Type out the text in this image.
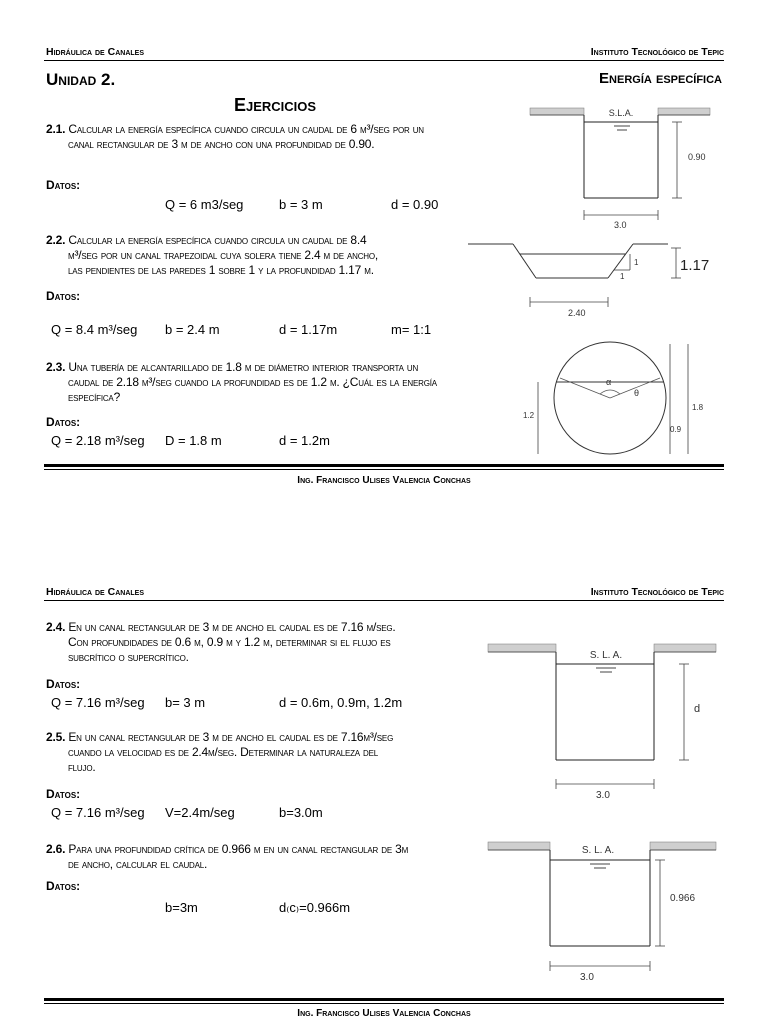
Hidráulica de Canales	Instituto Tecnológico de Tepic
Unidad 2.	Energía específica
Ejercicios
2.1. Calcular la energía específica cuando circula un caudal de 6 m³/seg por un
canal rectangular de 3 m de ancho con una profundidad de 0.90.
Datos:
Q = 6 m3/seg	b = 3 m	d = 0.90
S.L.A.
0.90
3.0
2.2. Calcular la energía específica cuando circula un caudal de 8.4
m³/seg por un canal trapezoidal cuya solera tiene 2.4 m de ancho,
las pendientes de las paredes 1 sobre 1 y la profundidad 1.17 m.
Datos:
Q = 8.4 m³/seg b = 2.4 m	d = 1.17m	m= 1:1
1
1
1.17
2.40
2.3. Una tubería de alcantarillado de 1.8 m de diámetro interior transporta un
caudal de 2.18 m³/seg cuando la profundidad es de 1.2 m. ¿Cuál es la energía
específica?
Datos:
Q = 2.18 m³/seg D = 1.8 m	d = 1.2m
α
θ
1.2
1.8
0.9
Ing. Francisco Ulises Valencia Conchas
Hidráulica de Canales	Instituto Tecnológico de Tepic
2.4. En un canal rectangular de 3 m de ancho el caudal es de 7.16 m/seg.
Con profundidades de 0.6 m, 0.9 m y 1.2 m, determinar si el flujo es
subcrítico o supercrítico.
Datos:
Q = 7.16 m³/seg b= 3 m	d = 0.6m, 0.9m, 1.2m
S. L. A.
d
3.0
2.5. En un canal rectangular de 3 m de ancho el caudal es de 7.16m³/seg
cuando la velocidad es de 2.4m/seg. Determinar la naturaleza del
flujo.
Datos:
Q = 7.16 m³/seg V=2.4m/seg	b=3.0m
2.6. Para una profundidad crítica de 0.966 m en un canal rectangular de 3m
de ancho, calcular el caudal.
Datos:
b=3m	d₍c₎=0.966m
S. L. A.
0.966
3.0
Ing. Francisco Ulises Valencia Conchas
